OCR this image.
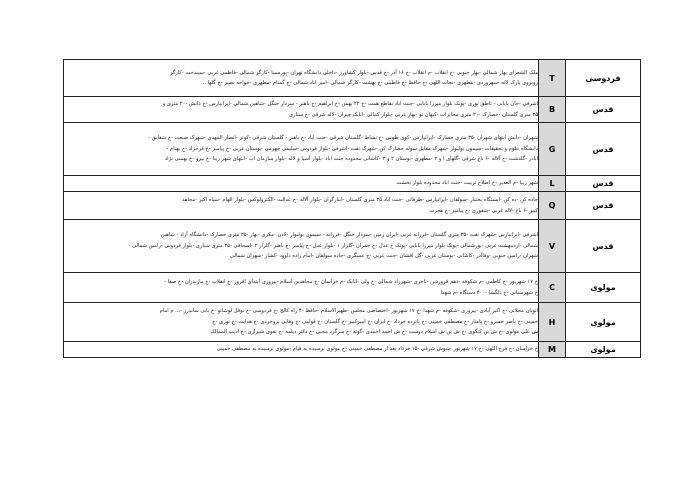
فردوسی	T	ملک الشعرای بهار شمالی -بهار جنوبی -خ انقلاب -م انقلاب -خ ۱۶ آذر -خ قدس -بلوار کشاورز -داخلی دانشگاه تهران -پورسینا -کارگر شمالی -فاطمی غربی -سیندخت -کارگر
روبروی پارک لاله -سهروردی -مطهری -نجات اللهی -خ حافظ -خ فاطمی -خ بهشت -کارگر شمالی -امیر اباد شمالی -خ گمنام -مطهری -خواجه نصیر -خ گلها ...

قدس	B	اشرفی -خان بابایی - تاطق نوری -پونک بلوار میرزا بابایی -جنت اباد تقاطع همت -خ ۲۲ بهمن -خ ابراهیم -خ باهنر - سردار جنگل -شاهین شمالی -ایرانپارس -خ دانش -۲۰ متری و
۳۵ متری گلستان -حصارک -۲۰ متری مخابرات -کیهان نو -بهار غربی -بلوار کمالی -اتابک جیران -لاله شرقی -خ ستاری

قدس	G	شهران -دانش انتهای شهران -۳۵ متری حصارک -ایرانپارس -کوی طوس -خ نشاط -گلستان شرقی -جنت اباد -خ باهنر - گلستان شرقی -کوثر -انصار المهدی -شهرک صنعت -خ شقایق -
دانشگاه علوم و تحقیقات -سیمون بولیوار -شهرک مقابل سوله حصارک کن -شهرک نفت -اشرفی -بلوار فردوس -سلیمی جهرمی -بوستان غربی -خ پیامبر -خ فرحزاد -خ بهنام -
ابادر -گلدشت -خ آلاله -۶ باغ شرقی -گلهای ا و ۲ -مطهری -بوستان ۲ و ۳ -کاشانی محدوده جنت اباد -بلوار آسیا و لاله -بلوار سازمان اب -انتهای شهر زیبا -خ نیرو -خ بهمنی نژاد

قدس	L	شهر زیبا -م الغدیر -خ اصلاح تربیت -جنت اباد محدوده بلوار بخشت

قدس	Q	جاده کن -ده کن -ایستگاه بختیار -سولقان -ایرانپارس -طرقانی -جنت اباد ۳۵ متری گلستان -ابتارگران -بلوار آلاله -خ عدالت -الکترولوکس -بلوار الهام -سپاه اکبر -مجاهد
کبیر -۶ باغ -لاله غربی -شقوری -خ پیامبر -خ هجرت

قدس	V	اشرفی -ایرانپارس -شهرک نفت -۳۵ متری گلستان -فرزانه غربی -ایران زمین -سردار جنگل -فرزانه - سیمون بولیوار -لادن -مکری -بهار -۳۵ متری حصارک -دانشگاه آزاد - شاهین
شمالی -اردیبهشت غربی -نورشمالی -پونک بلوار میرزا بابایی -پونک خ عدل -خ جمران -گلزار ۱ -بلوار عدل -خ پیامبر -خ باهنر -گلزار ۲ -اسحاقی -۳۵ متری ستاری -بلوار فردوس -رامین شمالی -
شهران -رامین جنوبی -وفاآذر -کاشانی -بوستان غربی -گل افشان -جنت غربی -خ عسگری -جاده سولقان -امام زاده داوود -کشار -شهران شمالی

مولوی	C	خ ۱۷ شهریور -خ کاظمی -م شکوفه -دهم فروردین -تاجری -شهرزاد شمالی -خ ولی -اتابک -م خراسان -خ مجاهدین اسلام -پیروزی ابتدای افروز -خ انقلاب -خ مازندران -خ صفا -
خ شهرستانی -خ دلگشا -۴۰۰ دستگاه -م شهدا

مولوی	H	اتوبان محلاتی -خ اکبر آبادی -پیروزی -شکوفه -م شهدا -خ ۱۷ شهریور -اختصاصی مجلس -ظهیرالاسلام -حافظ -۴ راه کالج -خ فردوسی -خ نوفل لوشاتو -خ بابی ساندرز -... م امام
خمینی -خ ناصر خسرو -خ پامنار -خ مصطفی خمینی -خ پانزده خرداد -خ ایران -خ امیرکبیر -خ گلستان -خ قوامی -خ وفایی بروجردی -خ هدایت -خ نوری -خ
ش علی مولوی -خ ش بن کنگوی -خ ش بن ش اسلام دوست -خ ش احمد احمدی -گونه -خ سرگرد محبی -خ دکتر دیلمه -خ تقوی شیرازی -خ ادیب الممالک

مولوی	M	خ خراسان -خ فرخ اللهی -خ ۱۷ شهریور -شوش شرقی -۱۵ خرداد بعد از مصطفی خمینی -خ مولوی نرسیده به قیام -مولوی نرسیده به مصطفی خمینی
